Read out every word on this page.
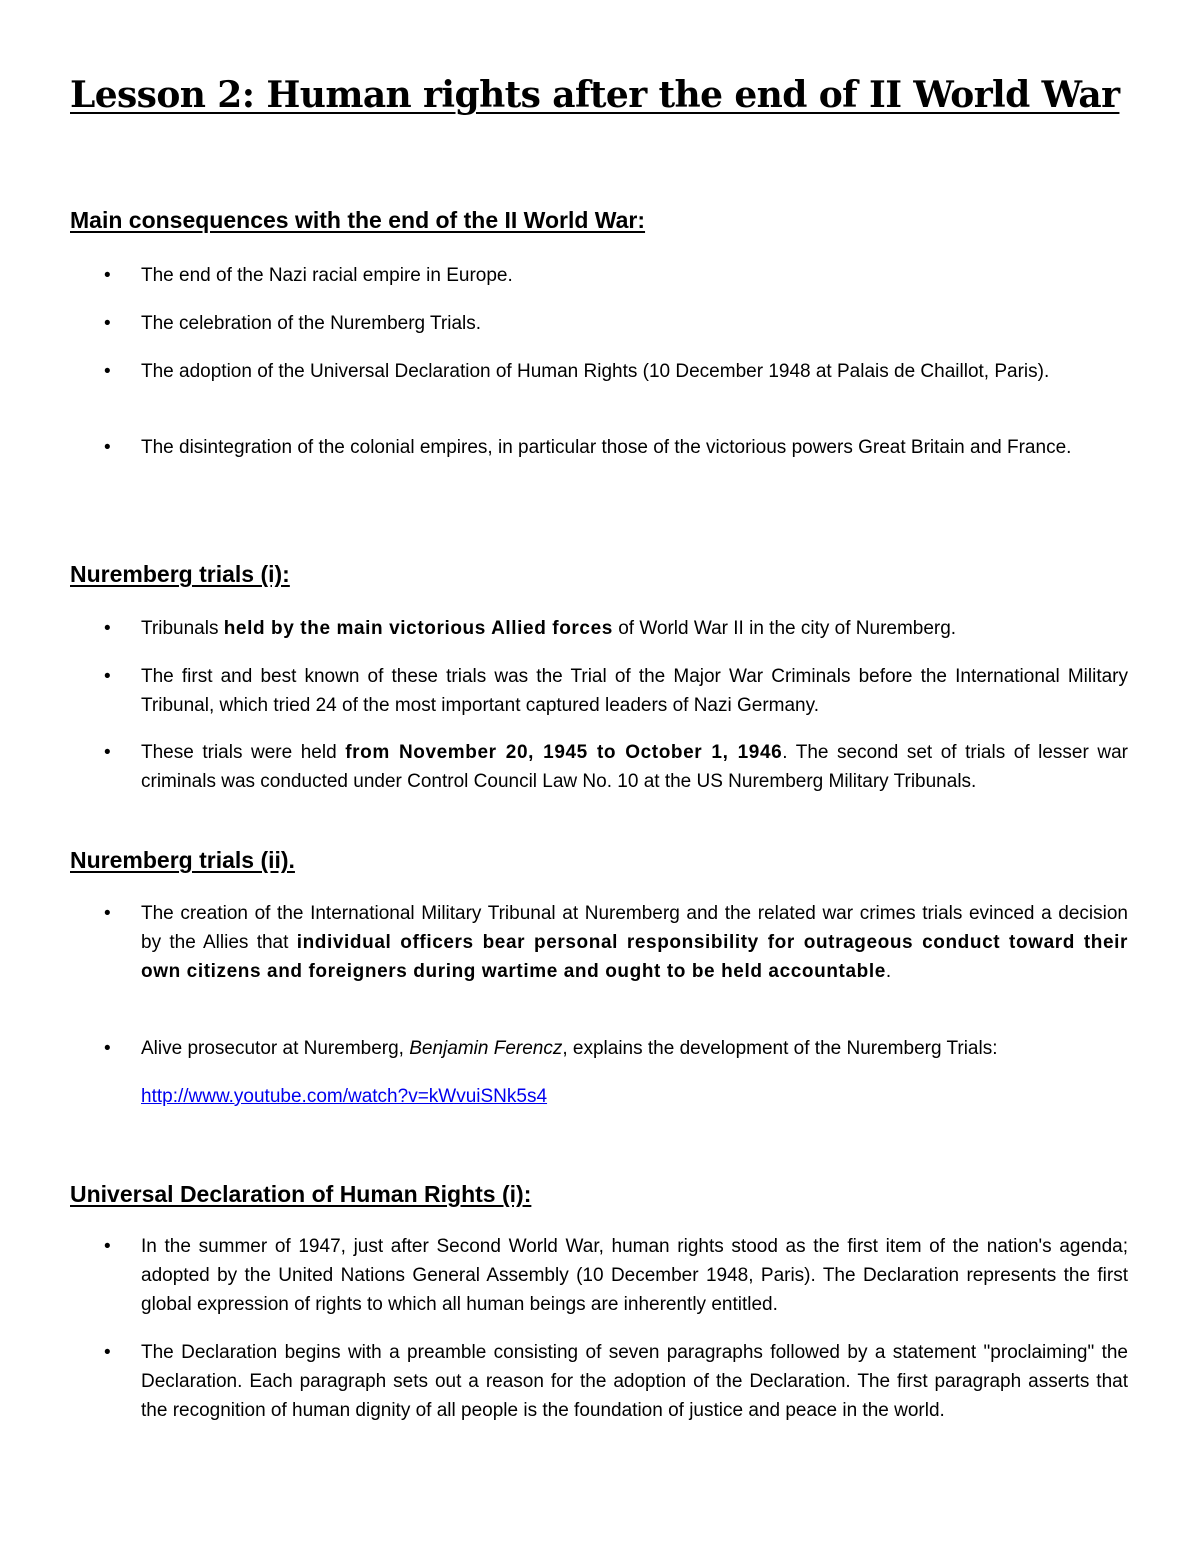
Lesson 2: Human rights after the end of II World War
Main consequences with the end of the II World War:
• The end of the Nazi racial empire in Europe.

• The celebration of the Nuremberg Trials.

• The adoption of the Universal Declaration of Human Rights (10 December 1948 at Palais de Chaillot, Paris).

• The disintegration of the colonial empires, in particular those of the victorious powers Great Britain and France.

Nuremberg trials (i):
• Tribunals held by the main victorious Allied forces of World War II in the city of Nuremberg.

• The first and best known of these trials was the Trial of the Major War Criminals before the International Military Tribunal, which tried 24 of the most important captured leaders of Nazi Germany.

• These trials were held from November 20, 1945 to October 1, 1946. The second set of trials of lesser war criminals was conducted under Control Council Law No. 10 at the US Nuremberg Military Tribunals.

Nuremberg trials (ii).
• The creation of the International Military Tribunal at Nuremberg and the related war crimes trials evinced a decision by the Allies that individual officers bear personal responsibility for outrageous conduct toward their own citizens and foreigners during wartime and ought to be held accountable.

• Alive prosecutor at Nuremberg, Benjamin Ferencz, explains the development of the Nuremberg Trials:

http://www.youtube.com/watch?v=kWvuiSNk5s4
Universal Declaration of Human Rights (i):
• In the summer of 1947, just after Second World War, human rights stood as the first item of the nation's agenda; adopted by the United Nations General Assembly (10 December 1948, Paris). The Declaration represents the first global expression of rights to which all human beings are inherently entitled.

• The Declaration begins with a preamble consisting of seven paragraphs followed by a statement "proclaiming" the Declaration. Each paragraph sets out a reason for the adoption of the Declaration. The first paragraph asserts that the recognition of human dignity of all people is the foundation of justice and peace in the world.
